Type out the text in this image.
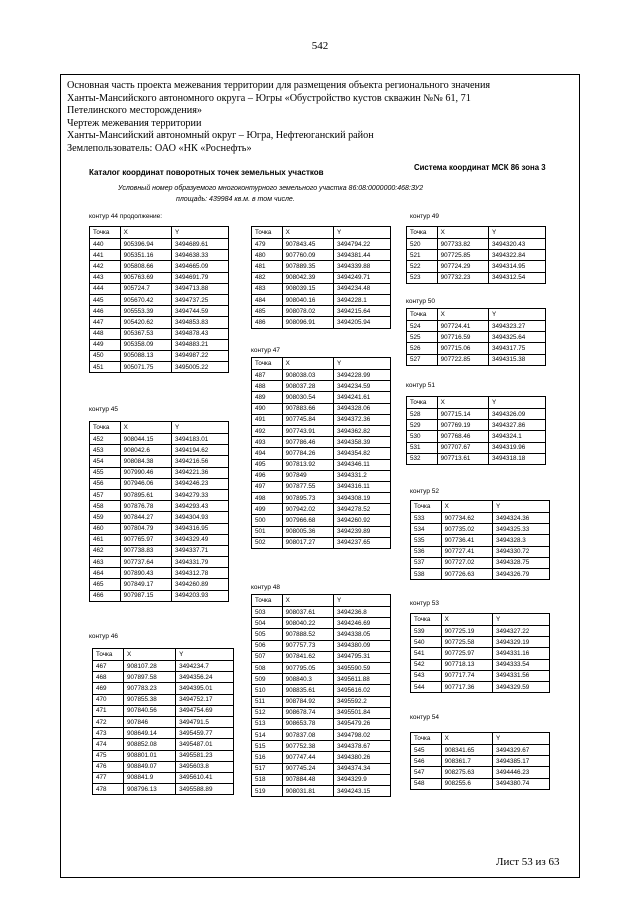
542
Основная часть проекта межевания территории для размещения объекта регионального значения
Ханты-Мансийского автономного округа – Югры «Обустройство кустов скважин №№ 61, 71
Петелинского месторождения»
Чертеж межевания территории
Ханты-Мансийский автономный округ – Югра, Нефтеюганский район
Землепользователь: ОАО «НК «Роснефть»
Каталог координат поворотных точек земельных участков
Система координат МСК 86 зона 3
Условный номер образуемого многоконтурного земельного участка 86:08:0000000:468:ЗУ2
площадь: 439984 кв.м. в том числе.
контур 44 продолжение:
Точка	X	Y
440	905396.94	3494689.61
441	905351.16	3494638.33
442	905808.66	3494665.09
443	905763.69	3494691.79
444	905724.7	3494713.88
445	905670.42	3494737.25
446	905553.39	3494744.59
447	905420.62	3494853.83
448	905367.53	3494878.43
449	905358.09	3494883.21
450	905088.13	3494987.22
451	905071.75	3495005.22
контур 45
Точка	X	Y
452	908044.15	3494183.01
453	908042.6	3494194.62
454	908084.38	3494216.56
455	907990.46	3494221.36
456	907946.06	3494246.23
457	907895.61	3494279.33
458	907876.78	3494293.43
459	907844.27	3494304.93
460	907804.79	3494316.95
461	907765.97	3494329.49
462	907738.83	3494337.71
463	907737.64	3494331.79
464	907890.43	3494312.78
465	907849.17	3494260.89
466	907987.15	3494203.93
контур 46
Точка	X	Y
467	908107.28	3494234.7
468	907897.58	3494356.24
469	907783.23	3494395.01
470	907855.38	3494752.17
471	907840.56	3494754.69
472	907846	3494791.5
473	908649.14	3495459.77
474	908852.08	3495487.01
475	908801.01	3495581.23
476	908849.07	3495603.8
477	908841.9	3495610.41
478	908796.13	3495588.89
Точка	X	Y
479	907843.45	3494794.22
480	907760.09	3494381.44
481	907889.35	3494339.88
482	908042.39	3494249.71
483	908039.15	3494234.48
484	908040.16	3494228.1
485	908078.02	3494215.64
486	908096.91	3494205.94
контур 47
Точка	X	Y
487	908038.03	3494228.99
488	908037.28	3494234.59
489	908030.54	3494241.61
490	907883.66	3494328.06
491	907745.84	3494372.36
492	907743.91	3494362.82
493	907786.46	3494358.39
494	907784.26	3494354.82
495	907813.92	3494346.11
496	907849	3494331.2
497	907877.55	3494316.11
498	907895.73	3494308.19
499	907942.02	3494278.52
500	907966.68	3494260.92
501	908005.36	3494239.89
502	908017.27	3494237.65
контур 48
Точка	X	Y
503	908037.61	3494236.8
504	908040.22	3494246.69
505	907888.52	3494338.05
506	907757.73	3494380.09
507	907841.62	3494795.31
508	907795.05	3495590.59
509	908840.3	3495611.88
510	908835.61	3495616.02
511	908784.92	3495592.2
512	908678.74	3495501.84
513	908653.78	3495479.26
514	907837.08	3494798.02
515	907752.38	3494378.67
516	907747.44	3494380.26
517	907745.24	3494374.34
518	907884.48	3494329.9
519	908031.81	3494243.15
контур 49
Точка	X	Y
520	907733.82	3494320.43
521	907725.85	3494322.84
522	907724.29	3494314.95
523	907732.23	3494312.54
контур 50
Точка	X	Y
524	907724.41	3494323.27
525	907716.59	3494325.64
526	907715.06	3494317.75
527	907722.85	3494315.38
контур 51
Точка	X	Y
528	907715.14	3494326.09
529	907769.19	3494327.86
530	907768.46	3494324.1
531	907707.67	3494319.96
532	907713.61	3494318.18
контур 52
Точка	X	Y
533	907734.62	3494324.36
534	907735.02	3494325.33
535	907736.41	3494328.3
536	907727.41	3494330.72
537	907727.02	3494328.75
538	907726.63	3494326.79
контур 53
Точка	X	Y
539	907725.19	3494327.22
540	907725.58	3494329.19
541	907725.97	3494331.16
542	907718.13	3494333.54
543	907717.74	3494331.56
544	907717.36	3494329.59
контур 54
Точка	X	Y
545	908341.65	3494329.67
546	908361.7	3494385.17
547	908275.63	3494446.23
548	908255.6	3494380.74
Лист 53 из 63
